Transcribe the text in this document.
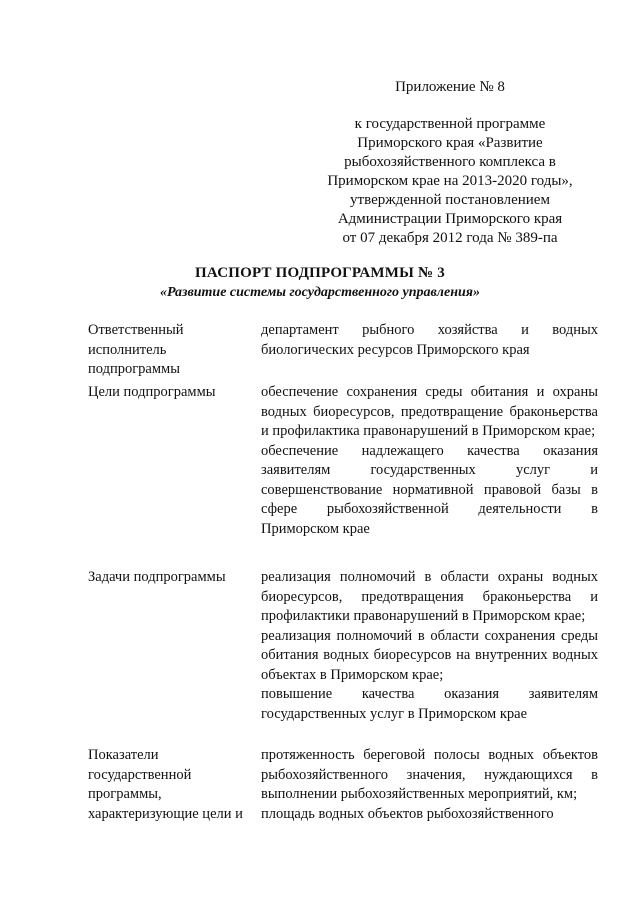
Приложение № 8
к государственной программе
Приморского края «Развитие
рыбохозяйственного комплекса в
Приморском крае на 2013-2020 годы»,
утвержденной постановлением
Администрации Приморского края
от 07 декабря 2012 года № 389-па
ПАСПОРТ ПОДПРОГРАММЫ № 3
«Развитие системы государственного управления»
Ответственный
исполнитель
подпрограммы

департамент рыбного хозяйства и водных биологических ресурсов Приморского края

Цели подпрограммы	обеспечение сохранения среды обитания и охраны водных биоресурсов, предотвращение браконьерства и профилактика правонарушений в Приморском крае;

обеспечение надлежащего качества оказания заявителям государственных услуг и совершенствование нормативной правовой базы в сфере рыбохозяйственной деятельности в Приморском крае

Задачи подпрограммы	реализация полномочий в области охраны водных биоресурсов, предотвращения браконьерства и профилактики правонарушений в Приморском крае;

реализация полномочий в области сохранения среды обитания водных биоресурсов на внутренних водных объектах в Приморском крае;

повышение качества оказания заявителям государственных услуг в Приморском крае

Показатели
государственной
программы,
характеризующие цели и

протяженность береговой полосы водных объектов рыбохозяйственного значения, нуждающихся в выполнении рыбохозяйственных мероприятий, км;

площадь водных объектов рыбохозяйственного
